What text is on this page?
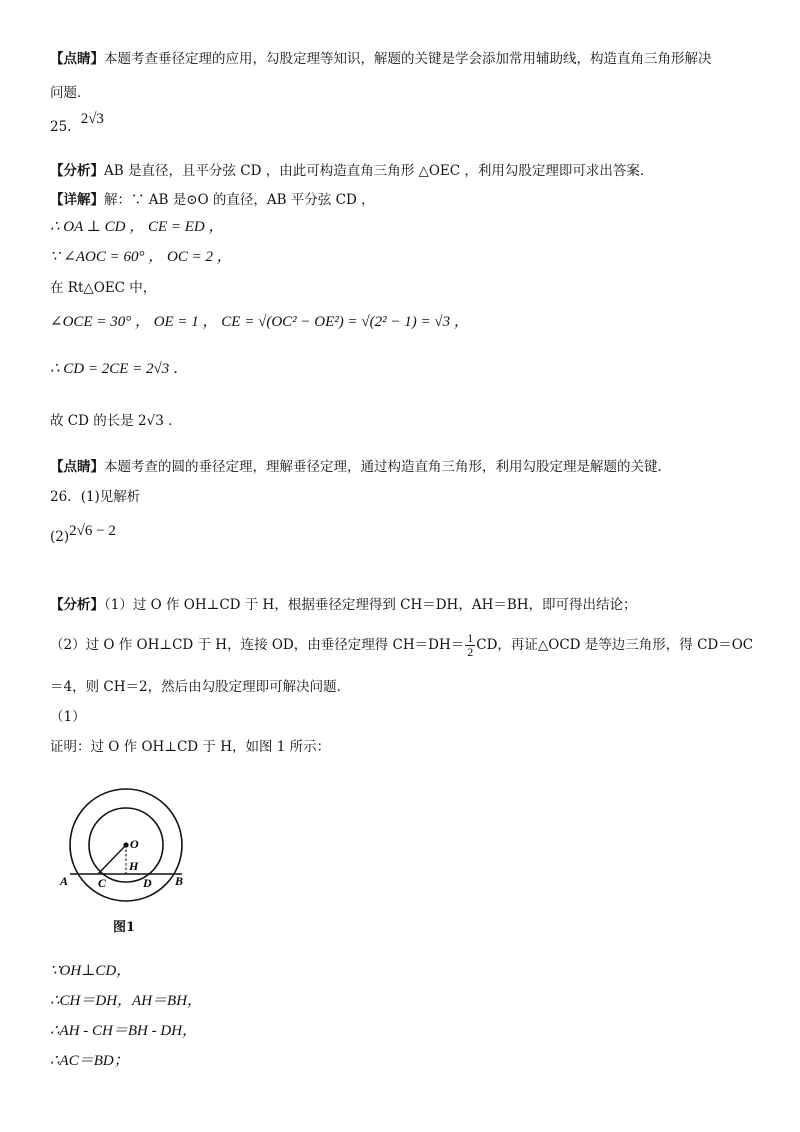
【点睛】本题考查垂径定理的应用，勾股定理等知识，解题的关键是学会添加常用辅助线，构造直角三角形解决
问题．
25．2√3
【分析】AB 是直径，且平分弦 CD ，由此可构造直角三角形 △OEC ，利用勾股定理即可求出答案．
【详解】解：∵ AB 是⊙O 的直径，AB 平分弦 CD ，
∴ OA ⊥ CD ， CE = ED ，
∵ ∠AOC = 60° ， OC = 2 ，
在 Rt△OEC 中，
∠OCE = 30° ， OE = 1 ， CE = √(OC² − OE²) = √(2² − 1) = √3 ，
∴ CD = 2CE = 2√3 ．
故 CD 的长是 2√3 ．
【点睛】本题考查的圆的垂径定理，理解垂径定理，通过构造直角三角形，利用勾股定理是解题的关键．
26．(1)见解析
(2)2√6 − 2
【分析】（1）过 O 作 OH⊥CD 于 H，根据垂径定理得到 CH＝DH，AH＝BH，即可得出结论；
（2）过 O 作 OH⊥CD 于 H，连接 OD，由垂径定理得 $CH=DH= \frac{1}{2}$ CD，再证△OCD 是等边三角形，得 CD＝OC
＝4，则 CH＝2，然后由勾股定理即可解决问题．
（1）
证明：过 O 作 OH⊥CD 于 H，如图 1 所示：
O
H
A	B
C	D
图1
∵OH⊥CD，
∴CH＝DH，AH＝BH，
∴AH - CH＝BH - DH，
∴AC＝BD；
